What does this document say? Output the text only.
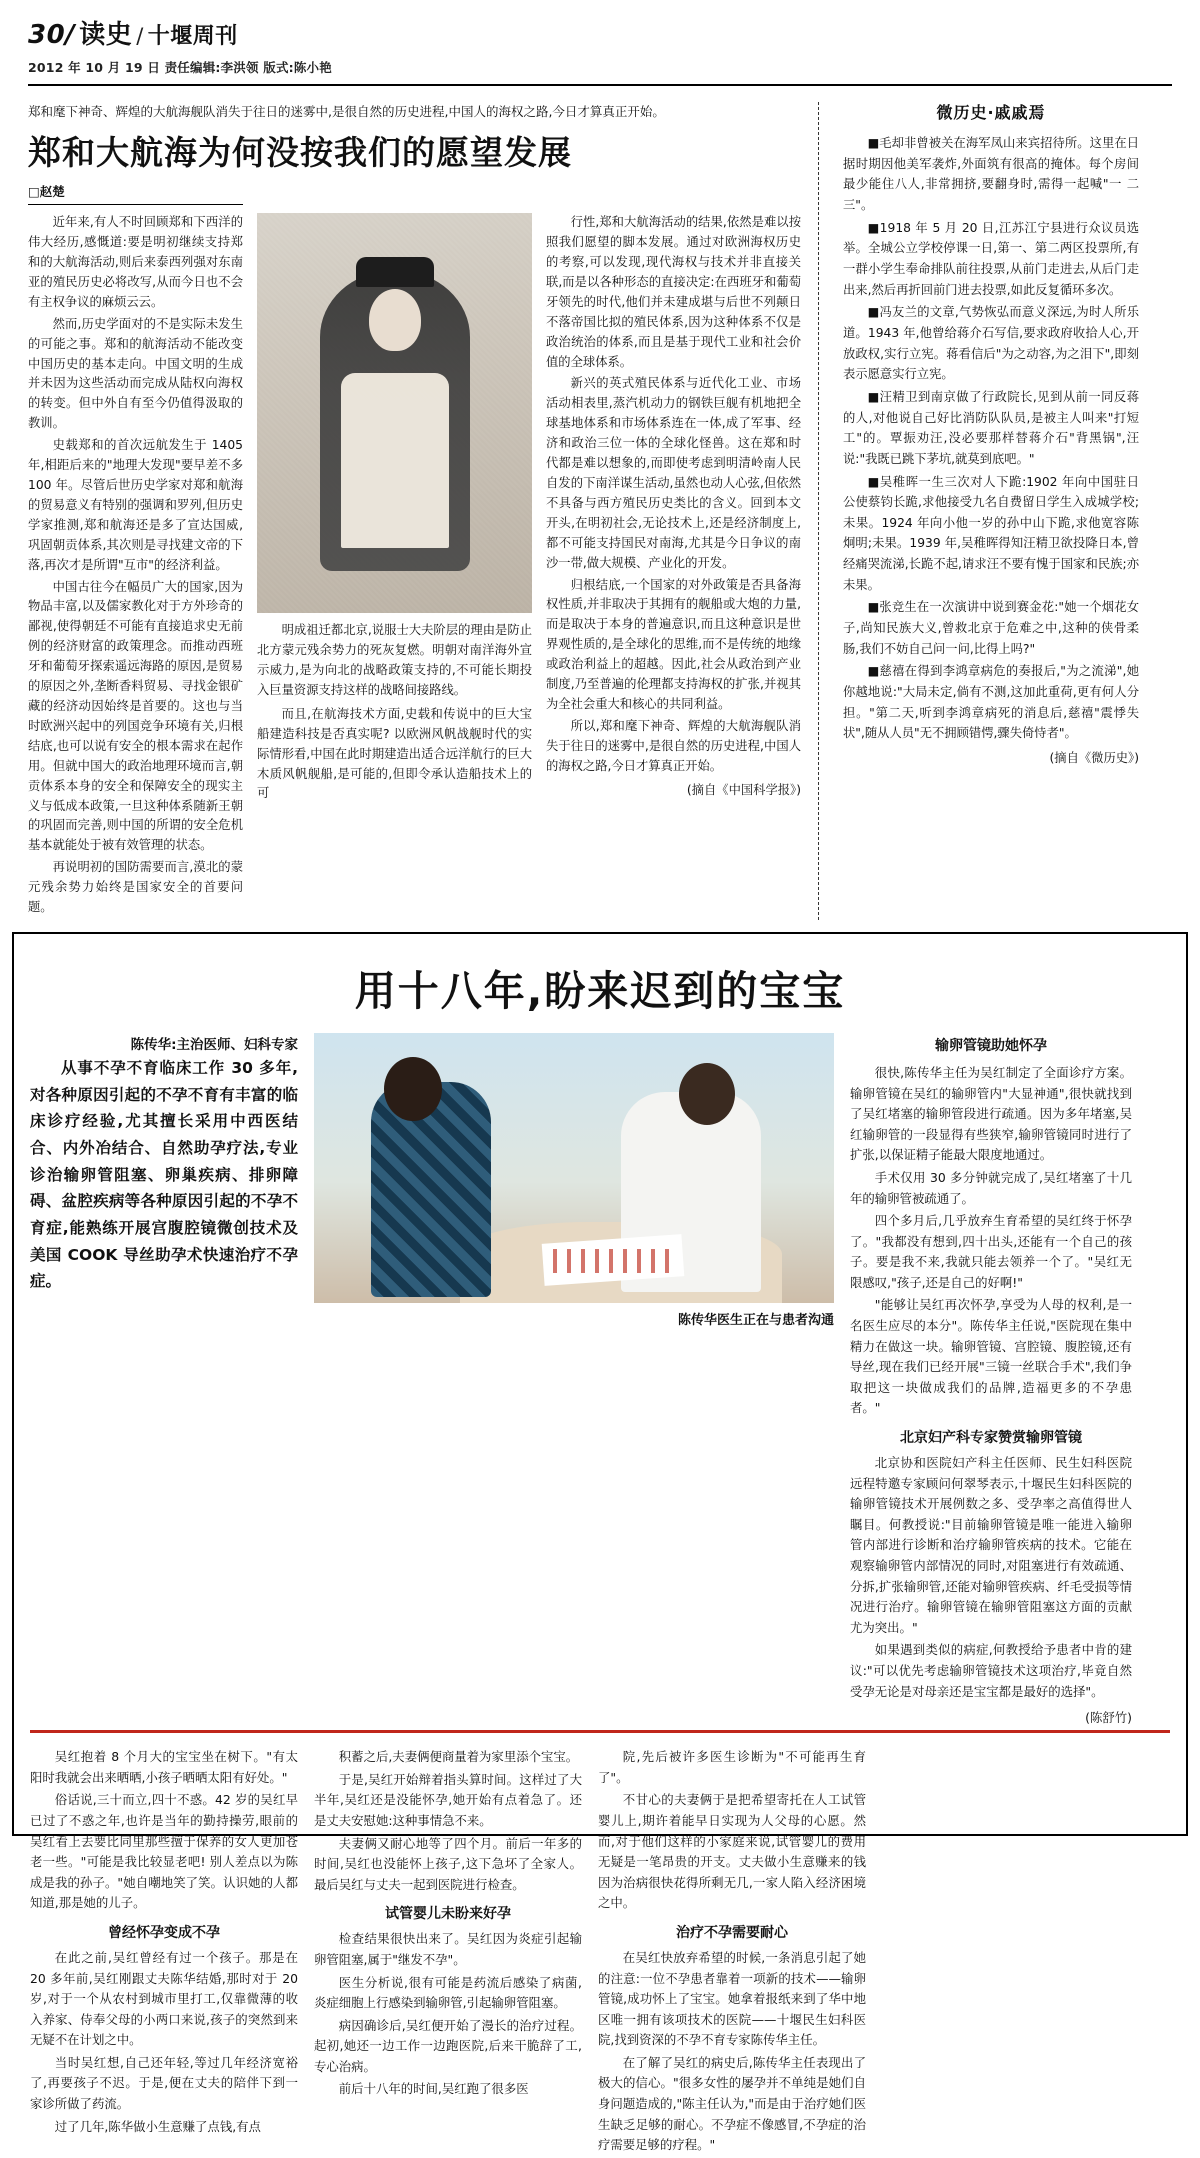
30/ 读史 / 十堰周刊
2012 年 10 月 19 日 责任编辑:李洪领 版式:陈小艳
郑和麾下神奇、辉煌的大航海舰队消失于往日的迷雾中,是很自然的历史进程,中国人的海权之路,今日才算真正开始。
郑和大航海为何没按我们的愿望发展
□赵楚

近年来,有人不时回顾郑和下西洋的伟大经历,感慨道:要是明初继续支持郑和的大航海活动,则后来泰西列强对东南亚的殖民历史必将改写,从而今日也不会有主权争议的麻烦云云。

然而,历史学面对的不是实际未发生的可能之事。郑和的航海活动不能改变中国历史的基本走向。中国文明的生成并未因为这些活动而完成从陆权向海权的转变。但中外自有至今仍值得汲取的教训。

史载郑和的首次远航发生于 1405 年,相距后来的"地理大发现"要早差不多 100 年。尽管后世历史学家对郑和航海的贸易意义有特别的强调和罗列,但历史学家推测,郑和航海还是多了宣达国威,巩固朝贡体系,其次则是寻找建文帝的下落,再次才是所谓"互市"的经济利益。

中国古往今在幅员广大的国家,因为物品丰富,以及儒家教化对于方外珍奇的鄙视,使得朝廷不可能有直接追求史无前例的经济财富的政策理念。而推动西班牙和葡萄牙探索遥远海路的原因,是贸易的原因之外,垄断香料贸易、寻找金银矿藏的经济动因始终是首要的。这也与当时欧洲兴起中的列国竞争环境有关,归根结底,也可以说有安全的根本需求在起作用。但就中国大的政治地理环境而言,朝贡体系本身的安全和保障安全的现实主义与低成本政策,一旦这种体系随新王朝的巩固而完善,则中国的所谓的安全危机基本就能处于被有效管理的状态。

再说明初的国防需要而言,漠北的蒙元残余势力始终是国家安全的首要问题。

明成祖迁都北京,说服士大夫阶层的理由是防止北方蒙元残余势力的死灰复燃。明朝对南洋海外宣示威力,是为向北的战略政策支持的,不可能长期投入巨量资源支持这样的战略间接路线。

而且,在航海技术方面,史载和传说中的巨大宝船建造科技是否真实呢? 以欧洲风帆战舰时代的实际情形看,中国在此时期建造出适合远洋航行的巨大木质风帆舰船,是可能的,但即令承认造船技术上的可

行性,郑和大航海活动的结果,依然是难以按照我们愿望的脚本发展。通过对欧洲海权历史的考察,可以发现,现代海权与技术并非直接关联,而是以各种形态的直接决定:在西班牙和葡萄牙领先的时代,他们并未建成堪与后世不列颠日不落帝国比拟的殖民体系,因为这种体系不仅是政治统治的体系,而且是基于现代工业和社会价值的全球体系。

新兴的英式殖民体系与近代化工业、市场活动相表里,蒸汽机动力的钢铁巨舰有机地把全球基地体系和市场体系连在一体,成了军事、经济和政治三位一体的全球化怪兽。这在郑和时代都是难以想象的,而即使考虑到明清岭南人民自发的下南洋谋生活动,虽然也动人心弦,但依然不具备与西方殖民历史类比的含义。回到本文开头,在明初社会,无论技术上,还是经济制度上,都不可能支持国民对南海,尤其是今日争议的南沙一带,做大规模、产业化的开发。

归根结底,一个国家的对外政策是否具备海权性质,并非取决于其拥有的舰船或大炮的力量,而是取决于本身的普遍意识,而且这种意识是世界观性质的,是全球化的思维,而不是传统的地缘或政治利益上的超越。因此,社会从政治到产业制度,乃至普遍的伦理都支持海权的扩张,并视其为全社会重大和核心的共同利益。

所以,郑和麾下神奇、辉煌的大航海舰队消失于往日的迷雾中,是很自然的历史进程,中国人的海权之路,今日才算真正开始。

(摘自《中国科学报》)
微历史·戚戚焉

■毛却非曾被关在海军凤山来宾招待所。这里在日据时期因他美军袭炸,外面筑有很高的掩体。每个房间最少能住八人,非常拥挤,要翻身时,需得一起喊"一 二 三"。

■1918 年 5 月 20 日,江苏江宁县进行众议员选举。全城公立学校停课一日,第一、第二两区投票所,有一群小学生奉命排队前往投票,从前门走进去,从后门走出来,然后再折回前门进去投票,如此反复循环多次。

■冯友兰的文章,气势恢弘而意义深远,为时人所乐道。1943 年,他曾给蒋介石写信,要求政府收拾人心,开放政权,实行立宪。蒋看信后"为之动容,为之泪下",即刻表示愿意实行立宪。

■汪精卫到南京做了行政院长,见到从前一同反蒋的人,对他说自己好比消防队队员,是被主人叫来"打短工"的。覃振劝汪,没必要那样替蒋介石"背黑锅",汪说:"我既已跳下茅坑,就莫到底吧。"

■吴稚晖一生三次对人下跪:1902 年向中国驻日公使蔡钧长跪,求他接受九名自费留日学生入成城学校;未果。1924 年向小他一岁的孙中山下跪,求他宽容陈炯明;未果。1939 年,吴稚晖得知汪精卫欲投降日本,曾经痛哭流涕,长跪不起,请求汪不要有愧于国家和民族;亦未果。

■张竞生在一次演讲中说到赛金花:"她一个烟花女子,尚知民族大义,曾救北京于危难之中,这种的侠骨柔肠,我们不妨自己问一问,比得上吗?"

■慈禧在得到李鸿章病危的奏报后,"为之流涕",她你越地说:"大局未定,倘有不测,这加此重荷,更有何人分担。"第二天,听到李鸿章病死的消息后,慈禧"震悸失状",随从人员"无不拥顾错愕,骤失倚恃者"。

(摘自《微历史》)
用十八年,盼来迟到的宝宝
陈传华:主治医师、妇科专家
从事不孕不育临床工作 30 多年,对各种原因引起的不孕不育有丰富的临床诊疗经验,尤其擅长采用中西医结合、内外冶结合、自然助孕疗法,专业诊治输卵管阻塞、卵巢疾病、排卵障碍、盆腔疾病等各种原因引起的不孕不育症,能熟练开展宫腹腔镜微创技术及美国 COOK 导丝助孕术快速治疗不孕症。
陈传华医生正在与患者沟通
输卵管镜助她怀孕

很快,陈传华主任为吴红制定了全面诊疗方案。输卵管镜在吴红的输卵管内"大显神通",很快就找到了吴红堵塞的输卵管段进行疏通。因为多年堵塞,吴红输卵管的一段显得有些狭窄,输卵管镜同时进行了扩张,以保证精子能最大限度地通过。

手术仅用 30 多分钟就完成了,吴红堵塞了十几年的输卵管被疏通了。

四个多月后,几乎放弃生育希望的吴红终于怀孕了。"我都没有想到,四十出头,还能有一个自己的孩子。要是我不来,我就只能去领养一个了。"吴红无限感叹,"孩子,还是自己的好啊!"

"能够让吴红再次怀孕,享受为人母的权利,是一名医生应尽的本分"。陈传华主任说,"医院现在集中精力在做这一块。输卵管镜、宫腔镜、腹腔镜,还有导丝,现在我们已经开展"三镜一丝联合手术",我们争取把这一块做成我们的品牌,造福更多的不孕患者。"

北京妇产科专家赞赏输卵管镜

北京协和医院妇产科主任医师、民生妇科医院远程特邀专家顾问何翠琴表示,十堰民生妇科医院的输卵管镜技术开展例数之多、受孕率之高值得世人瞩目。何教授说:"目前输卵管镜是唯一能进入输卵管内部进行诊断和治疗输卵管疾病的技术。它能在观察输卵管内部情况的同时,对阻塞进行有效疏通、分拆,扩张输卵管,还能对输卵管疾病、纤毛受损等情况进行治疗。输卵管镜在输卵管阻塞这方面的贡献尤为突出。"

如果遇到类似的病症,何教授给予患者中肯的建议:"可以优先考虑输卵管镜技术这项治疗,毕竟自然受孕无论是对母亲还是宝宝都是最好的选择"。

(陈舒竹)

吴红抱着 8 个月大的宝宝坐在树下。"有太阳时我就会出来晒晒,小孩子晒晒太阳有好处。"

俗话说,三十而立,四十不惑。42 岁的吴红早已过了不惑之年,也许是当年的勤持操劳,眼前的吴红看上去要比同里那些擅于保养的女人更加苍老一些。"可能是我比较显老吧! 别人差点以为陈成是我的孙子。"她自嘲地笑了笑。认识她的人都知道,那是她的儿子。

曾经怀孕变成不孕

在此之前,吴红曾经有过一个孩子。那是在 20 多年前,吴红刚跟丈夫陈华结婚,那时对于 20 岁,对于一个从农村到城市里打工,仅靠微薄的收入养家、侍奉父母的小两口来说,孩子的突然到来无疑不在计划之中。

当时吴红想,自己还年轻,等过几年经济宽裕了,再要孩子不迟。于是,便在丈夫的陪伴下到一家诊所做了药流。

过了几年,陈华做小生意赚了点钱,有点

积蓄之后,夫妻俩便商量着为家里添个宝宝。

于是,吴红开始辩着指头算时间。这样过了大半年,吴红还是没能怀孕,她开始有点着急了。还是丈夫安慰她:这种事情急不来。

夫妻俩又耐心地等了四个月。前后一年多的时间,吴红也没能怀上孩子,这下急坏了全家人。最后吴红与丈夫一起到医院进行检查。

试管婴儿未盼来好孕

检查结果很快出来了。吴红因为炎症引起输卵管阻塞,属于"继发不孕"。

医生分析说,很有可能是药流后感染了病菌,炎症细胞上行感染到输卵管,引起输卵管阻塞。

病因确诊后,吴红便开始了漫长的治疗过程。起初,她还一边工作一边跑医院,后来干脆辞了工,专心治病。

前后十八年的时间,吴红跑了很多医

院,先后被许多医生诊断为"不可能再生育了"。

不甘心的夫妻俩于是把希望寄托在人工试管婴儿上,期许着能早日实现为人父母的心愿。然而,对于他们这样的小家庭来说,试管婴儿的费用无疑是一笔昂贵的开支。丈夫做小生意赚来的钱因为治病很快花得所剩无几,一家人陷入经济困境之中。

治疗不孕需要耐心

在吴红快放弃希望的时候,一条消息引起了她的注意:一位不孕患者靠着一项新的技术——输卵管镜,成功怀上了宝宝。她拿着报纸来到了华中地区唯一拥有该项技术的医院——十堰民生妇科医院,找到资深的不孕不育专家陈传华主任。

在了解了吴红的病史后,陈传华主任表现出了极大的信心。"很多女性的屡孕并不单纯是她们自身问题造成的,"陈主任认为,"而是由于治疗她们医生缺乏足够的耐心。不孕症不像感冒,不孕症的治疗需要足够的疗程。"
